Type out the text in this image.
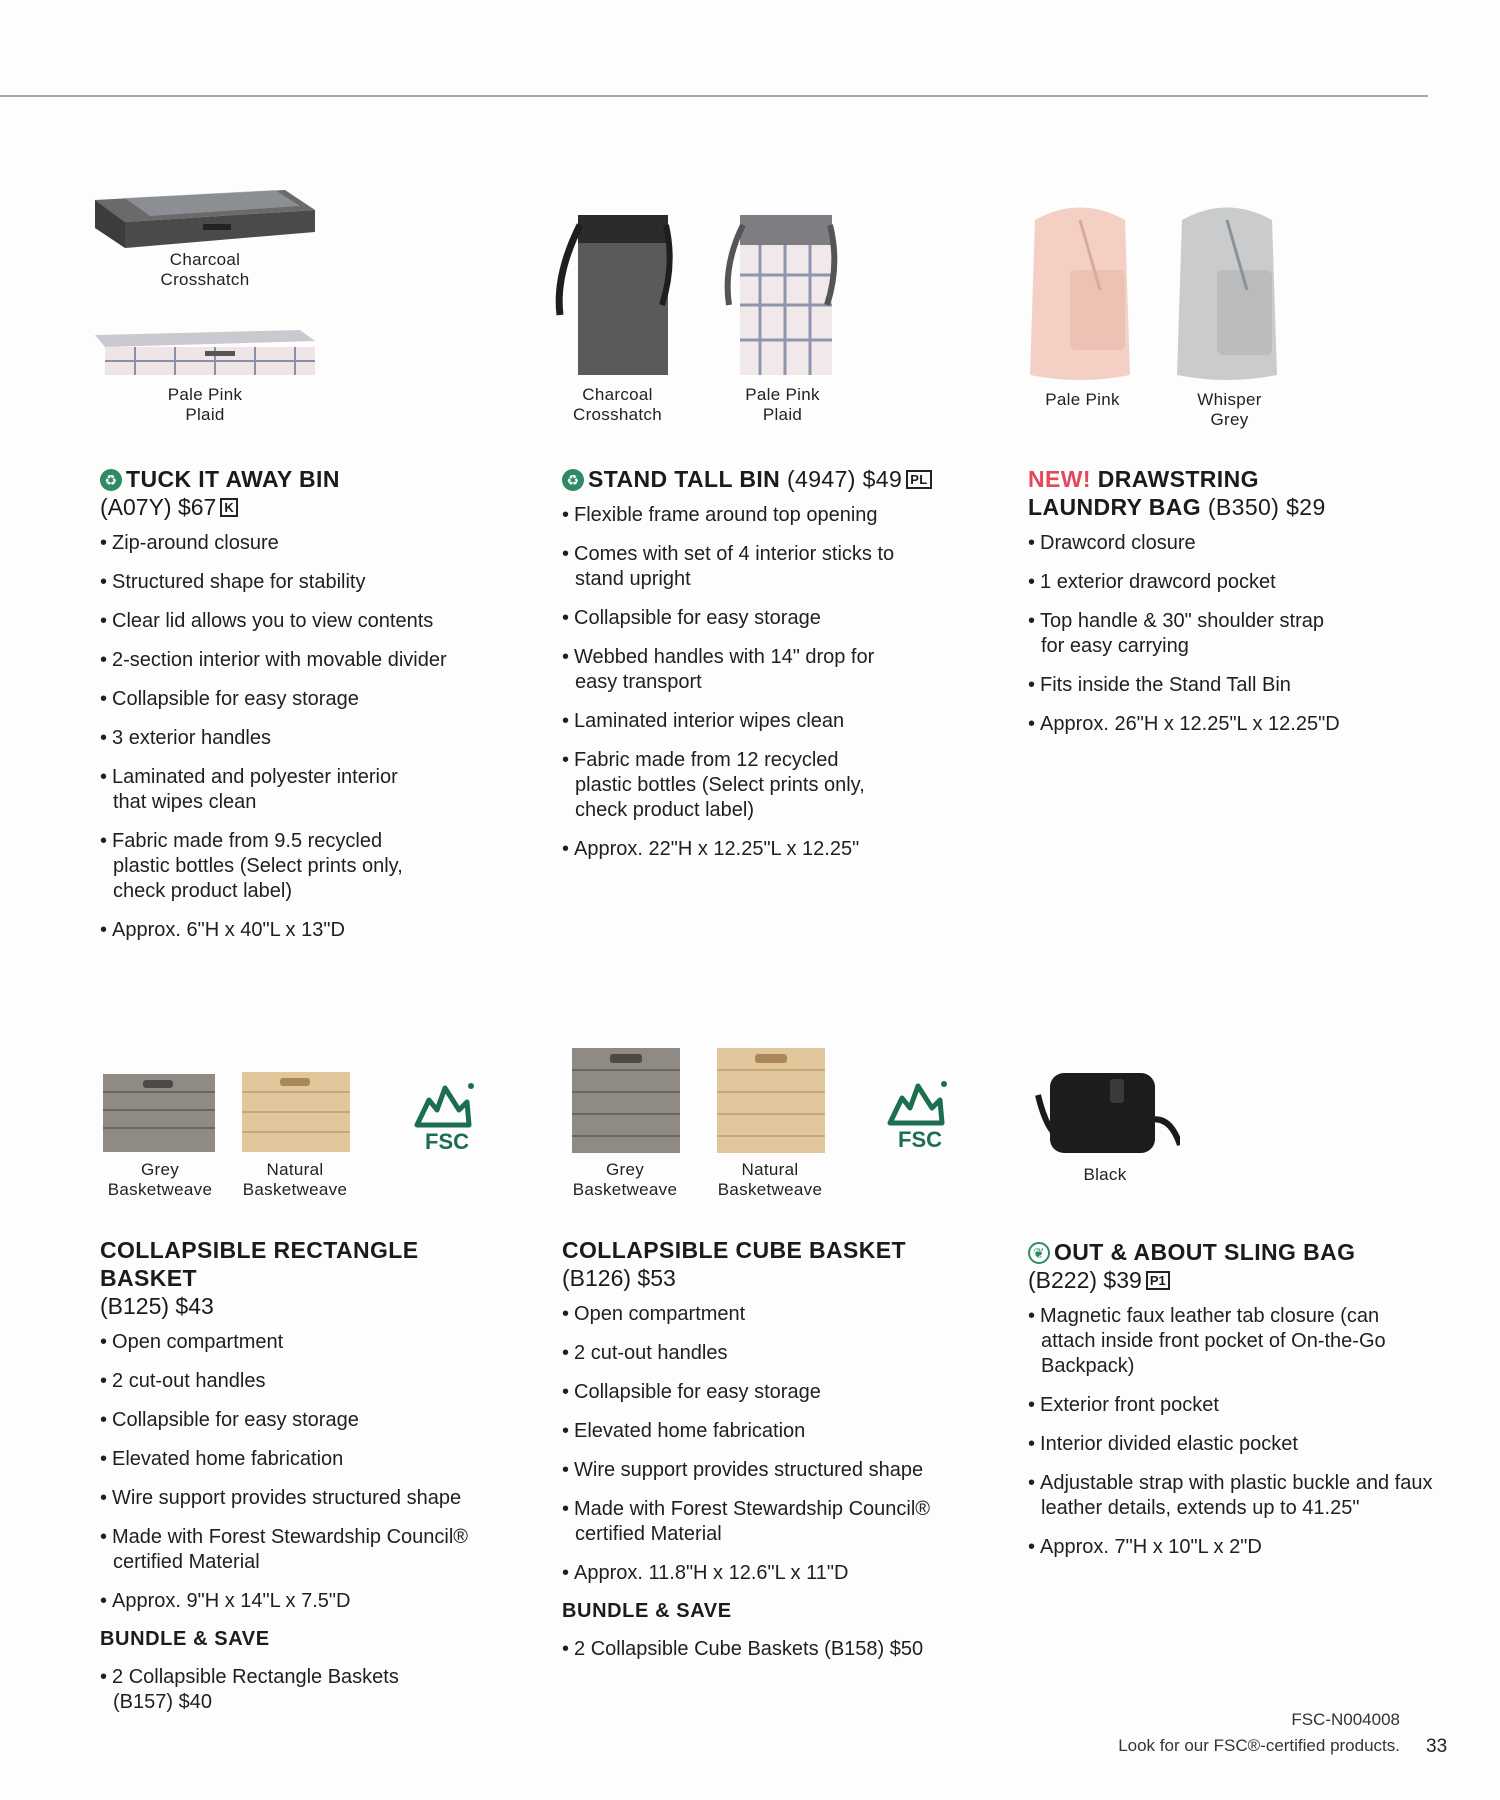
Charcoal
Crosshatch
Pale Pink
Plaid
♻ TUCK IT AWAY BIN
(A07Y) $67 K
• Zip-around closure
• Structured shape for stability
• Clear lid allows you to view contents
• 2-section interior with movable divider
• Collapsible for easy storage
• 3 exterior handles
• Laminated and polyester interior that wipes clean
• Fabric made from 9.5 recycled plastic bottles (Select prints only, check product label)
• Approx. 6"H x 40"L x 13"D
Charcoal
Crosshatch
Pale Pink
Plaid
♻ STAND TALL BIN (4947) $49 PL
• Flexible frame around top opening
• Comes with set of 4 interior sticks to stand upright
• Collapsible for easy storage
• Webbed handles with 14" drop for easy transport
• Laminated interior wipes clean
• Fabric made from 12 recycled plastic bottles (Select prints only, check product label)
• Approx. 22"H x 12.25"L x 12.25"
Pale Pink	Whisper
Grey
NEW! DRAWSTRING
LAUNDRY BAG (B350) $29
• Drawcord closure
• 1 exterior drawcord pocket
• Top handle & 30" shoulder strap for easy carrying
• Fits inside the Stand Tall Bin
• Approx. 26"H x 12.25"L x 12.25"D
Grey
Basketweave
Natural
Basketweave
FSC
COLLAPSIBLE RECTANGLE BASKET
(B125) $43
• Open compartment
• 2 cut-out handles
• Collapsible for easy storage
• Elevated home fabrication
• Wire support provides structured shape
• Made with Forest Stewardship Council® certified Material
• Approx. 9"H x 14"L x 7.5"D
BUNDLE & SAVE
• 2 Collapsible Rectangle Baskets (B157) $40
Grey
Basketweave
Natural
Basketweave
FSC
COLLAPSIBLE CUBE BASKET
(B126) $53
• Open compartment
• 2 cut-out handles
• Collapsible for easy storage
• Elevated home fabrication
• Wire support provides structured shape
• Made with Forest Stewardship Council® certified Material
• Approx. 11.8"H x 12.6"L x 11"D
BUNDLE & SAVE
• 2 Collapsible Cube Baskets (B158) $50
Black
❦ OUT & ABOUT SLING BAG
(B222) $39 P1
• Magnetic faux leather tab closure (can attach inside front pocket of On-the-Go Backpack)
• Exterior front pocket
• Interior divided elastic pocket
• Adjustable strap with plastic buckle and faux leather details, extends up to 41.25"
• Approx. 7"H x 10"L x 2"D
FSC-N004008
Look for our FSC®-certified products. 33
